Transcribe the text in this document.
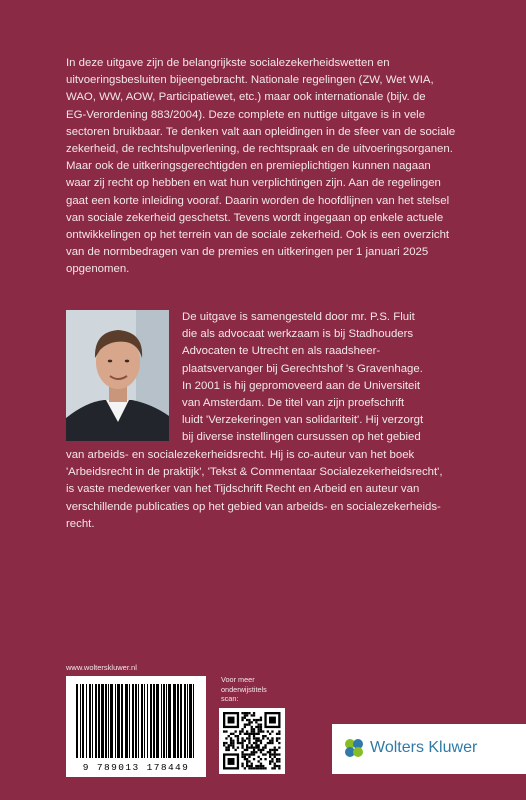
In deze uitgave zijn de belangrijkste socialezekerheidswetten en
uitvoeringsbesluiten bijeengebracht. Nationale regelingen (ZW, Wet WIA,
WAO, WW, AOW, Participatiewet, etc.) maar ook internationale (bijv. de
EG-Verordening 883/2004). Deze complete en nuttige uitgave is in vele
sectoren bruikbaar. Te denken valt aan opleidingen in de sfeer van de sociale
zekerheid, de rechtshulpverlening, de rechtspraak en de uitvoeringsorganen.
Maar ook de uitkeringsgerechtigden en premieplichtigen kunnen nagaan
waar zij recht op hebben en wat hun verplichtingen zijn. Aan de regelingen
gaat een korte inleiding vooraf. Daarin worden de hoofdlijnen van het stelsel
van sociale zekerheid geschetst. Tevens wordt ingegaan op enkele actuele
ontwikkelingen op het terrein van de sociale zekerheid. Ook is een overzicht
van de normbedragen van de premies en uitkeringen per 1 januari 2025
opgenomen.
De uitgave is samengesteld door mr. P.S. Fluit
die als advocaat werkzaam is bij Stadhouders
Advocaten te Utrecht en als raadsheer-
plaatsvervanger bij Gerechtshof 's Gravenhage.
In 2001 is hij gepromoveerd aan de Universiteit
van Amsterdam. De titel van zijn proefschrift
luidt 'Verzekeringen van solidariteit'. Hij verzorgt
bij diverse instellingen cursussen op het gebied
van arbeids- en socialezekerheidsrecht. Hij is co-auteur van het boek
'Arbeidsrecht in de praktijk', 'Tekst & Commentaar Socialezekerheidsrecht',
is vaste medewerker van het Tijdschrift Recht en Arbeid en auteur van
verschillende publicaties op het gebied van arbeids- en socialezekerheids-
recht.
www.wolterskluwer.nl
9 789013 178449
Voor meer
onderwijstitels
scan:
Wolters Kluwer
